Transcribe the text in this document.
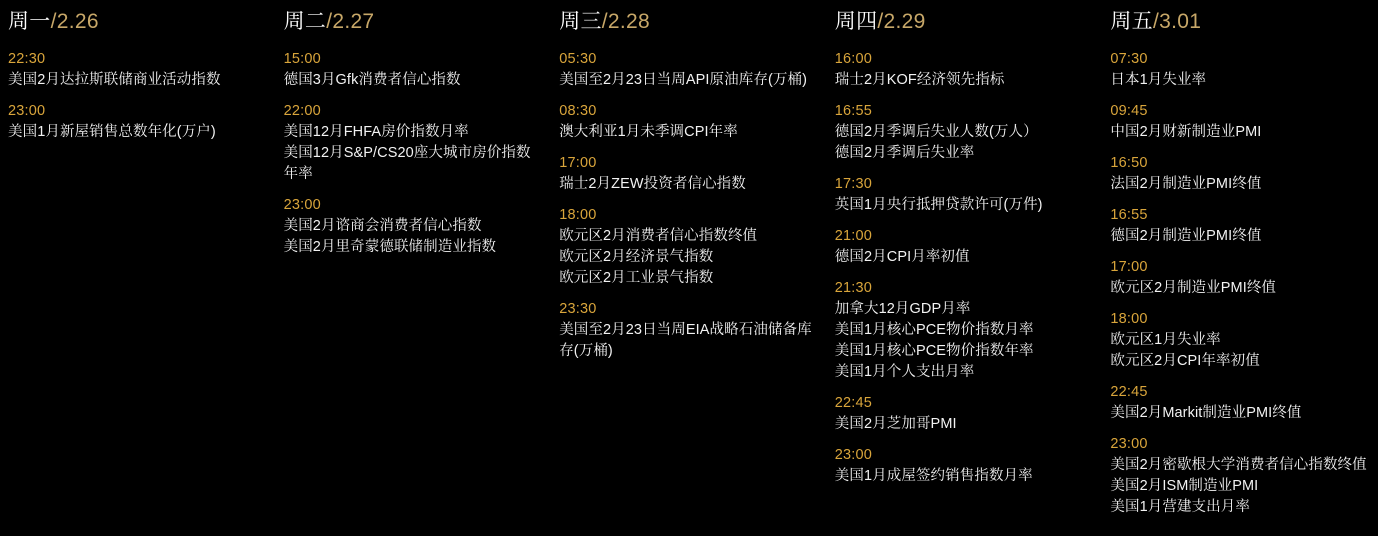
周一/2.26
22:30
美国2月达拉斯联储商业活动指数
23:00
美国1月新屋销售总数年化(万户)
周二/2.27
15:00
德国3月Gfk消费者信心指数
22:00
美国12月FHFA房价指数月率
美国12月S&P/CS20座大城市房价指数年率
23:00
美国2月谘商会消费者信心指数
美国2月里奇蒙德联储制造业指数
周三/2.28
05:30
美国至2月23日当周API原油库存(万桶)
08:30
澳大利亚1月未季调CPI年率
17:00
瑞士2月ZEW投资者信心指数
18:00
欧元区2月消费者信心指数终值
欧元区2月经济景气指数
欧元区2月工业景气指数
23:30
美国至2月23日当周EIA战略石油储备库存(万桶)
周四/2.29
16:00
瑞士2月KOF经济领先指标
16:55
德国2月季调后失业人数(万人）
德国2月季调后失业率
17:30
英国1月央行抵押贷款许可(万件)
21:00
德国2月CPI月率初值
21:30
加拿大12月GDP月率
美国1月核心PCE物价指数月率
美国1月核心PCE物价指数年率
美国1月个人支出月率
22:45
美国2月芝加哥PMI
23:00
美国1月成屋签约销售指数月率
周五/3.01
07:30
日本1月失业率
09:45
中国2月财新制造业PMI
16:50
法国2月制造业PMI终值
16:55
德国2月制造业PMI终值
17:00
欧元区2月制造业PMI终值
18:00
欧元区1月失业率
欧元区2月CPI年率初值
22:45
美国2月Markit制造业PMI终值
23:00
美国2月密歇根大学消费者信心指数终值
美国2月ISM制造业PMI
美国1月营建支出月率
